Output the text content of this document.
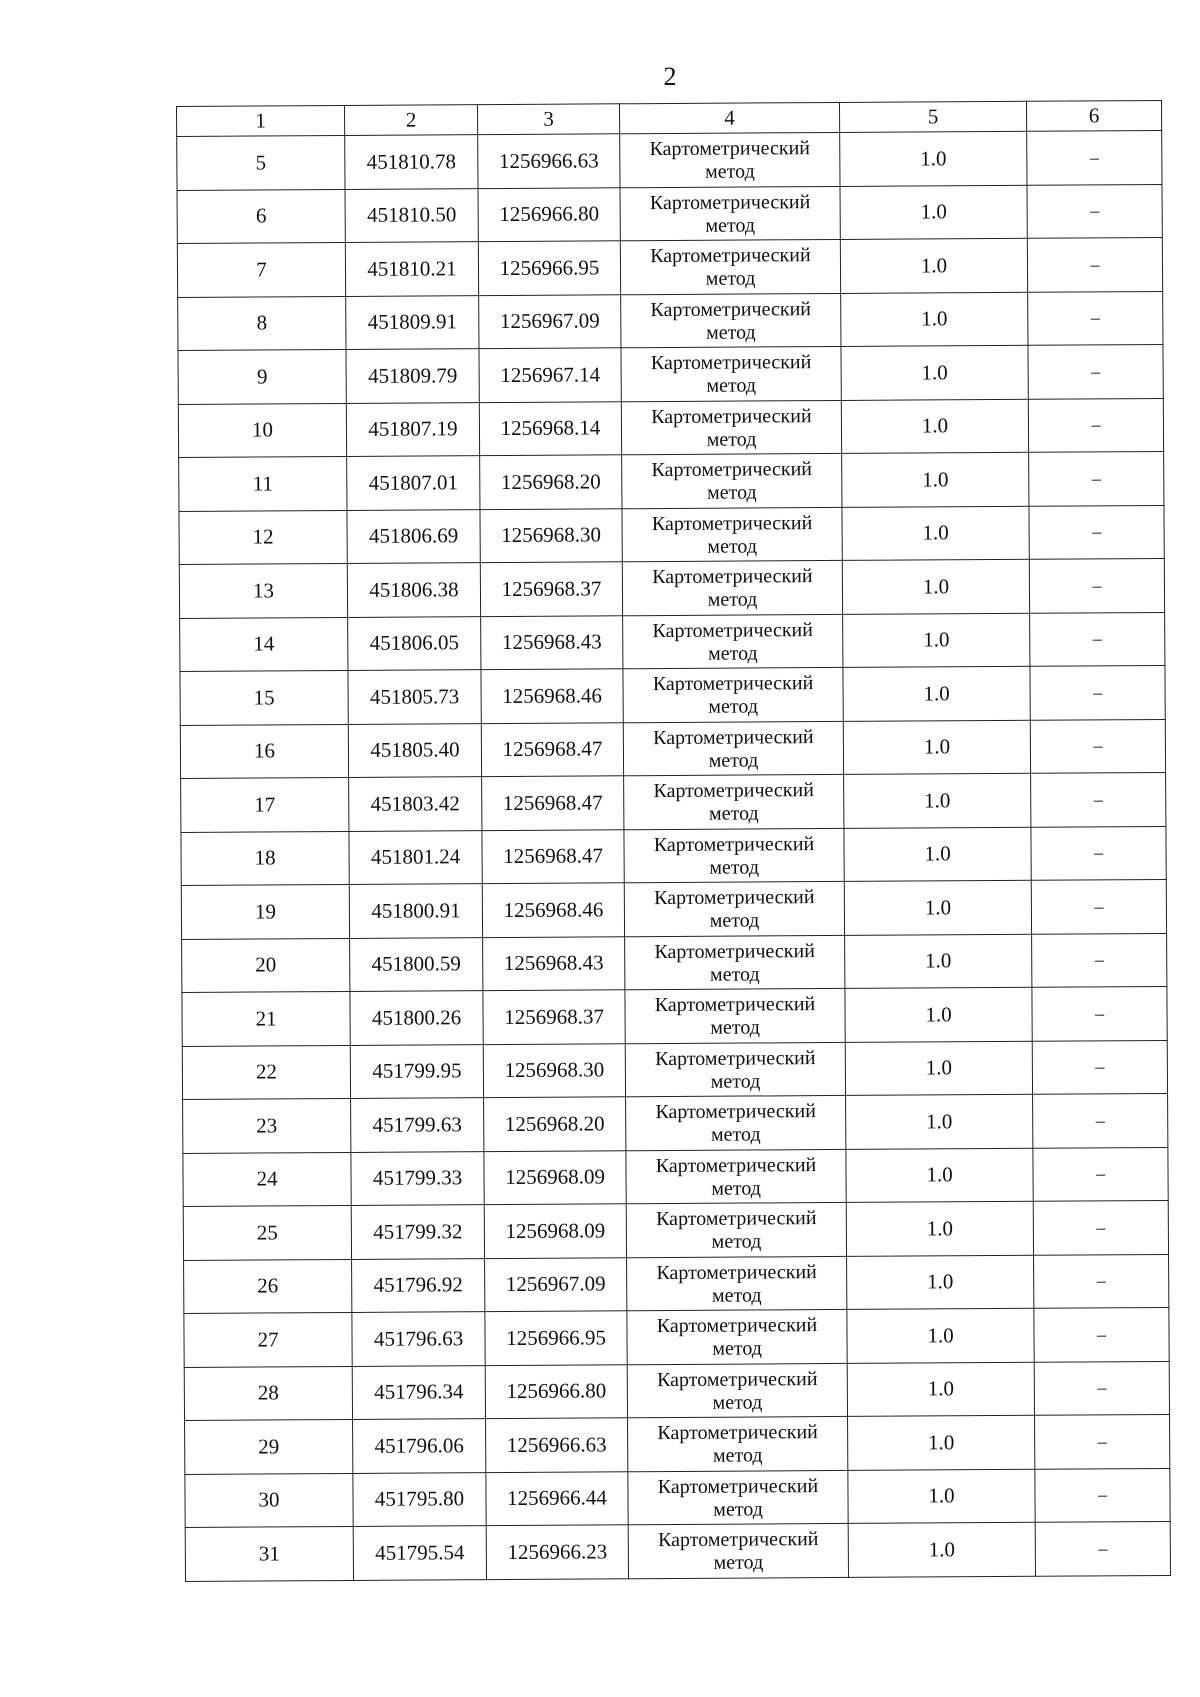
2
1	2	3	4	5	6
5	451810.78	1256966.63	Картометрический
метод	1.0	–
6	451810.50	1256966.80	Картометрический
метод	1.0	–
7	451810.21	1256966.95	Картометрический
метод	1.0	–
8	451809.91	1256967.09	Картометрический
метод	1.0	–
9	451809.79	1256967.14	Картометрический
метод	1.0	–
10	451807.19	1256968.14	Картометрический
метод	1.0	–
11	451807.01	1256968.20	Картометрический
метод	1.0	–
12	451806.69	1256968.30	Картометрический
метод	1.0	–
13	451806.38	1256968.37	Картометрический
метод	1.0	–
14	451806.05	1256968.43	Картометрический
метод	1.0	–
15	451805.73	1256968.46	Картометрический
метод	1.0	–
16	451805.40	1256968.47	Картометрический
метод	1.0	–
17	451803.42	1256968.47	Картометрический
метод	1.0	–
18	451801.24	1256968.47	Картометрический
метод	1.0	–
19	451800.91	1256968.46	Картометрический
метод	1.0	–
20	451800.59	1256968.43	Картометрический
метод	1.0	–
21	451800.26	1256968.37	Картометрический
метод	1.0	–
22	451799.95	1256968.30	Картометрический
метод	1.0	–
23	451799.63	1256968.20	Картометрический
метод	1.0	–
24	451799.33	1256968.09	Картометрический
метод	1.0	–
25	451799.32	1256968.09	Картометрический
метод	1.0	–
26	451796.92	1256967.09	Картометрический
метод	1.0	–
27	451796.63	1256966.95	Картометрический
метод	1.0	–
28	451796.34	1256966.80	Картометрический
метод	1.0	–
29	451796.06	1256966.63	Картометрический
метод	1.0	–
30	451795.80	1256966.44	Картометрический
метод	1.0	–
31	451795.54	1256966.23	Картометрический
метод	1.0	–
